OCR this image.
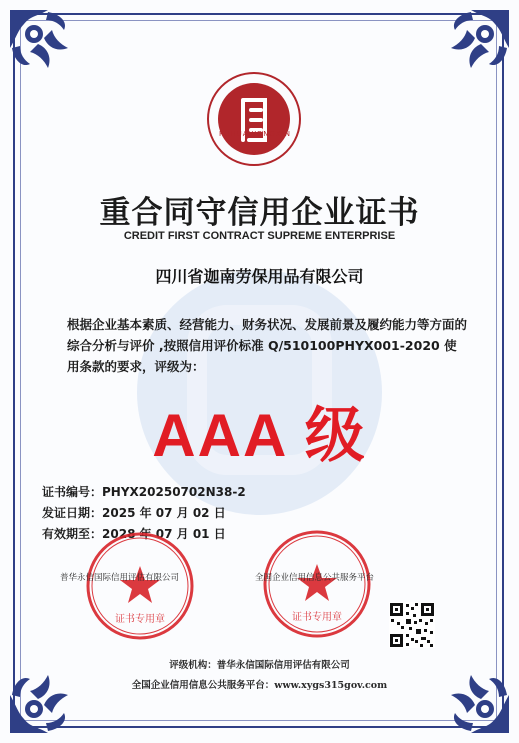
PUHUA YONGXIN
重合同守信用企业证书
CREDIT FIRST CONTRACT SUPREME ENTERPRISE
四川省迦南劳保用品有限公司
根据企业基本素质、经营能力、财务状况、发展前景及履约能力等方面的综合分析与评价 ,按照信用评价标准 Q/510100PHYX001-2020 使用条款的要求，评级为：
AAA 级
证书编号：PHYX20250702N38-2
发证日期：2025 年 07 月 02 日
有效期至：2028 年 07 月 01 日
证书专用章	证书专用章
普华永信国际信用评估有限公司	全国企业信用信息公共服务平台
评级机构：普华永信国际信用评估有限公司
全国企业信用信息公共服务平台：www.xygs315gov.com
